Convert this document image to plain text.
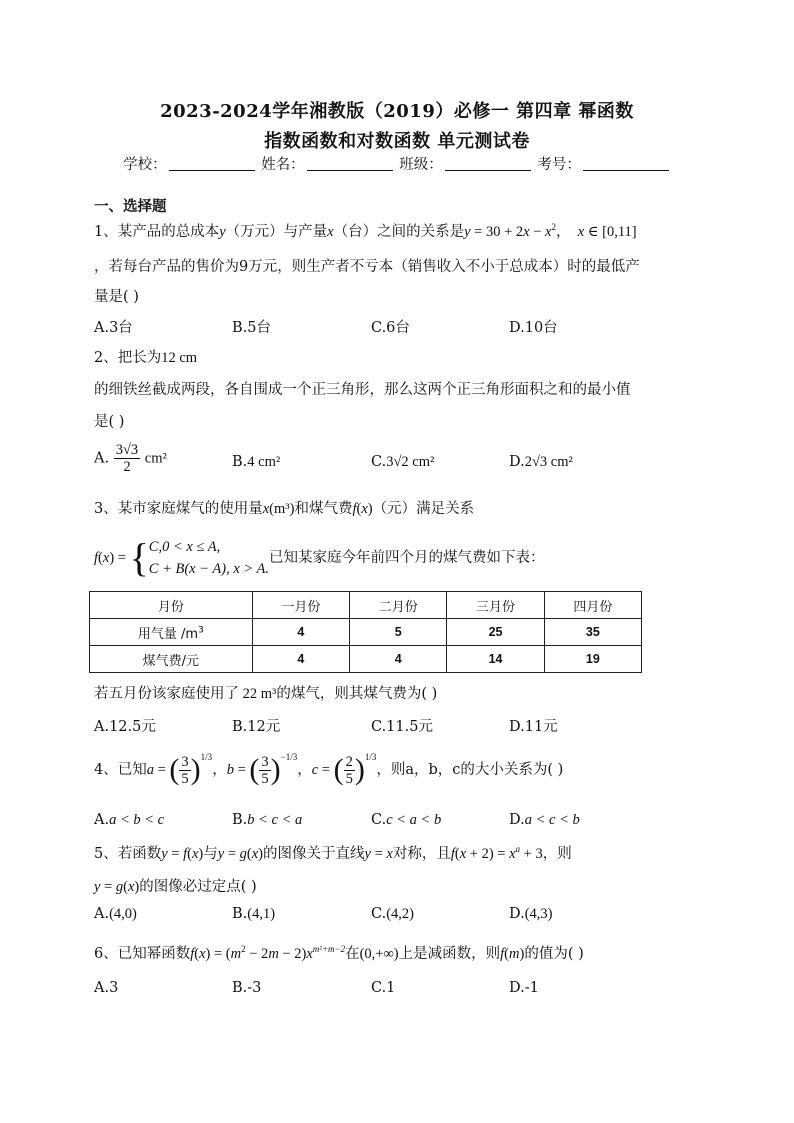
2023-2024学年湘教版（2019）必修一 第四章 幂函数
指数函数和对数函数 单元测试卷
学校：	姓名：	班级：	考号：
一、选择题
1、某产品的总成本y（万元）与产量x（台）之间的关系是$y = 30 + 2x - x^2$， x ∈ [0,11]
，若每台产品的售价为9万元，则生产者不亏本（销售收入不小于总成本）时的最低产
量是( )
A.3台	B.5台	C.6台	D.10台
2、把长为12 cm
的细铁丝截成两段，各自围成一个正三角形，那么这两个正三角形面积之和的最小值
是( )
A. $\frac{3√3}{2} cm^2$	B.4 cm²	C.3√2 cm²	D.2√3 cm²
3、某市家庭煤气的使用量x(m³)和煤气费f(x)（元）满足关系
f(x) = { C,0 < x ≤ A,
C + B(x − A), x > A.
已知某家庭今年前四个月的煤气费如下表：
月份	一月份	二月份	三月份	四月份
用气量 $/m^3$	4	5	25	35
煤气费/元	4	4	14	19
若五月份该家庭使用了 22 m³的煤气，则其煤气费为( )
A.12.5元	B.12元	C.11.5元	D.11元
4、已知a = ( $\frac{3}{5} )^{1/3}$，b = ( $\frac{3}{5} )^{-1/3}$，c = ( $\frac{2}{5} )^{1/3}$，则a，b，c的大小关系为( )
A.a < b < c	B.b < c < a	C.c < a < b	D.a < c < b
5、若函数y = f(x)与y = g(x)的图像关于直线y = x对称，且$f(x + 2) = x^a + 3$，则
y = g(x)的图像必过定点( )
A.(4,0)	B.(4,1)	C.(4,2)	D.(4,3)
6、已知幂函数$f(x) = (m^2 - 2m - 2)x^{m^2+m-2}$在(0,+∞)上是减函数，则f(m)的值为( )
A.3	B.-3	C.1	D.-1
